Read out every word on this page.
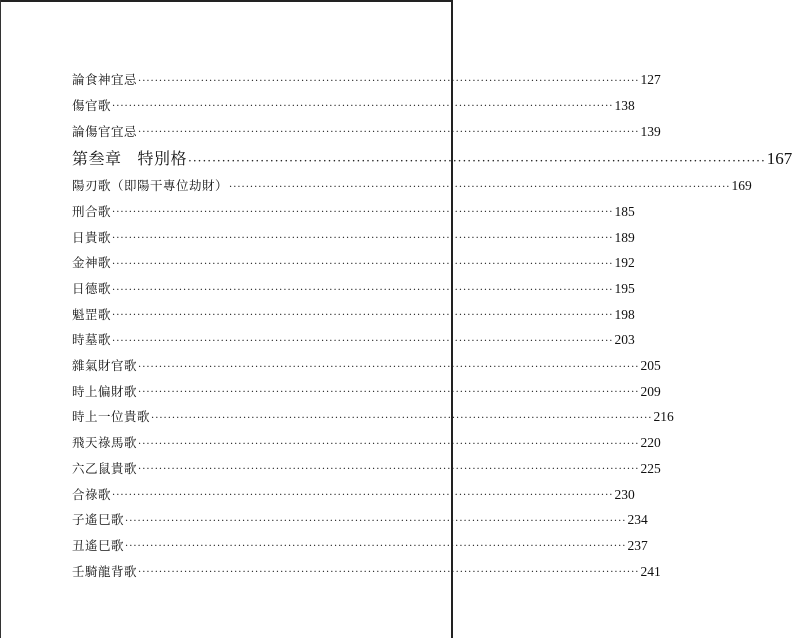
論食神宜忌 ························································································································ 127
傷官歌 ························································································································ 138
論傷官宜忌 ························································································································ 139
第叁章 特別格 ························································································································ 167
陽刃歌（即陽干專位劫財） ························································································································ 169
刑合歌 ························································································································ 185
日貴歌 ························································································································ 189
金神歌 ························································································································ 192
日德歌 ························································································································ 195
魁罡歌 ························································································································ 198
時墓歌 ························································································································ 203
雜氣財官歌 ························································································································ 205
時上偏財歌 ························································································································ 209
時上一位貴歌 ························································································································ 216
飛天祿馬歌 ························································································································ 220
六乙鼠貴歌 ························································································································ 225
合祿歌 ························································································································ 230
子遙巳歌 ························································································································ 234
丑遙巳歌 ························································································································ 237
壬騎龍背歌 ························································································································ 241
